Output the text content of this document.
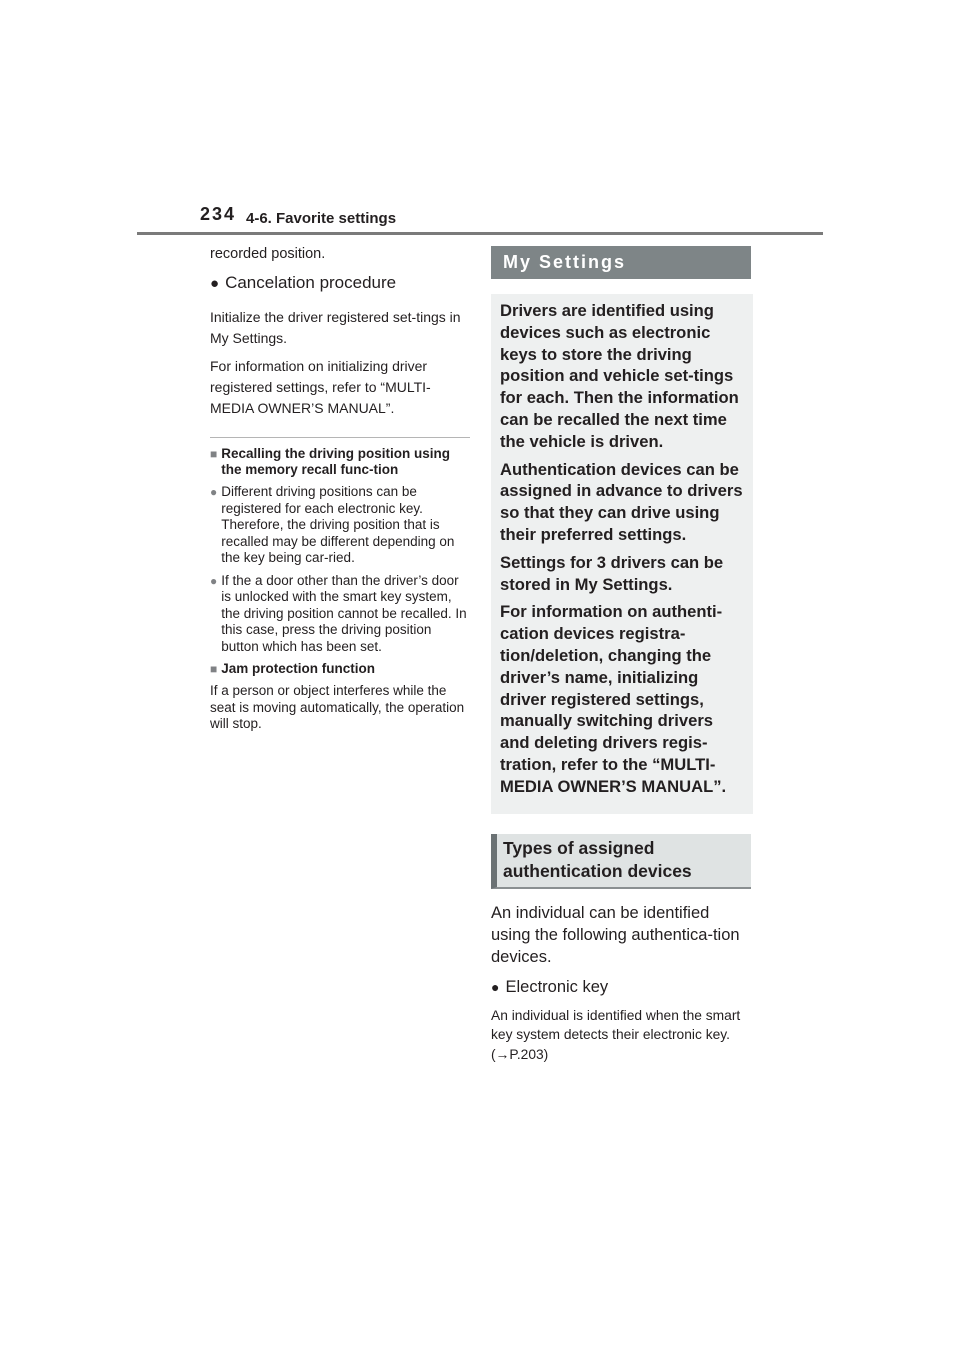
234 4-6. Favorite settings

recorded position.

● Cancelation procedure

Initialize the driver registered set-tings in My Settings.

For information on initializing driver registered settings, refer to “MULTI-MEDIA OWNER’S MANUAL”.

■ Recalling the driving position using the memory recall func-tion
● Different driving positions can be registered for each electronic key. Therefore, the driving position that is recalled may be different depending on the key being car-ried.
● If the a door other than the driver’s door is unlocked with the smart key system, the driving position cannot be recalled. In this case, press the driving position button which has been set.
■ Jam protection function

If a person or object interferes while the seat is moving automatically, the operation will stop.

My Settings

Drivers are identified using devices such as electronic keys to store the driving position and vehicle set-tings for each. Then the information can be recalled the next time the vehicle is driven.

Authentication devices can be assigned in advance to drivers so that they can drive using their preferred settings.

Settings for 3 drivers can be stored in My Settings.

For information on authenti-cation devices registra-tion/deletion, changing the driver’s name, initializing driver registered settings, manually switching drivers and deleting drivers regis-tration, refer to the “MULTI-MEDIA OWNER’S MANUAL”.

Types of assigned authentication devices

An individual can be identified using the following authentica-tion devices.

● Electronic key

An individual is identified when the smart key system detects their electronic key. (→P.203)
